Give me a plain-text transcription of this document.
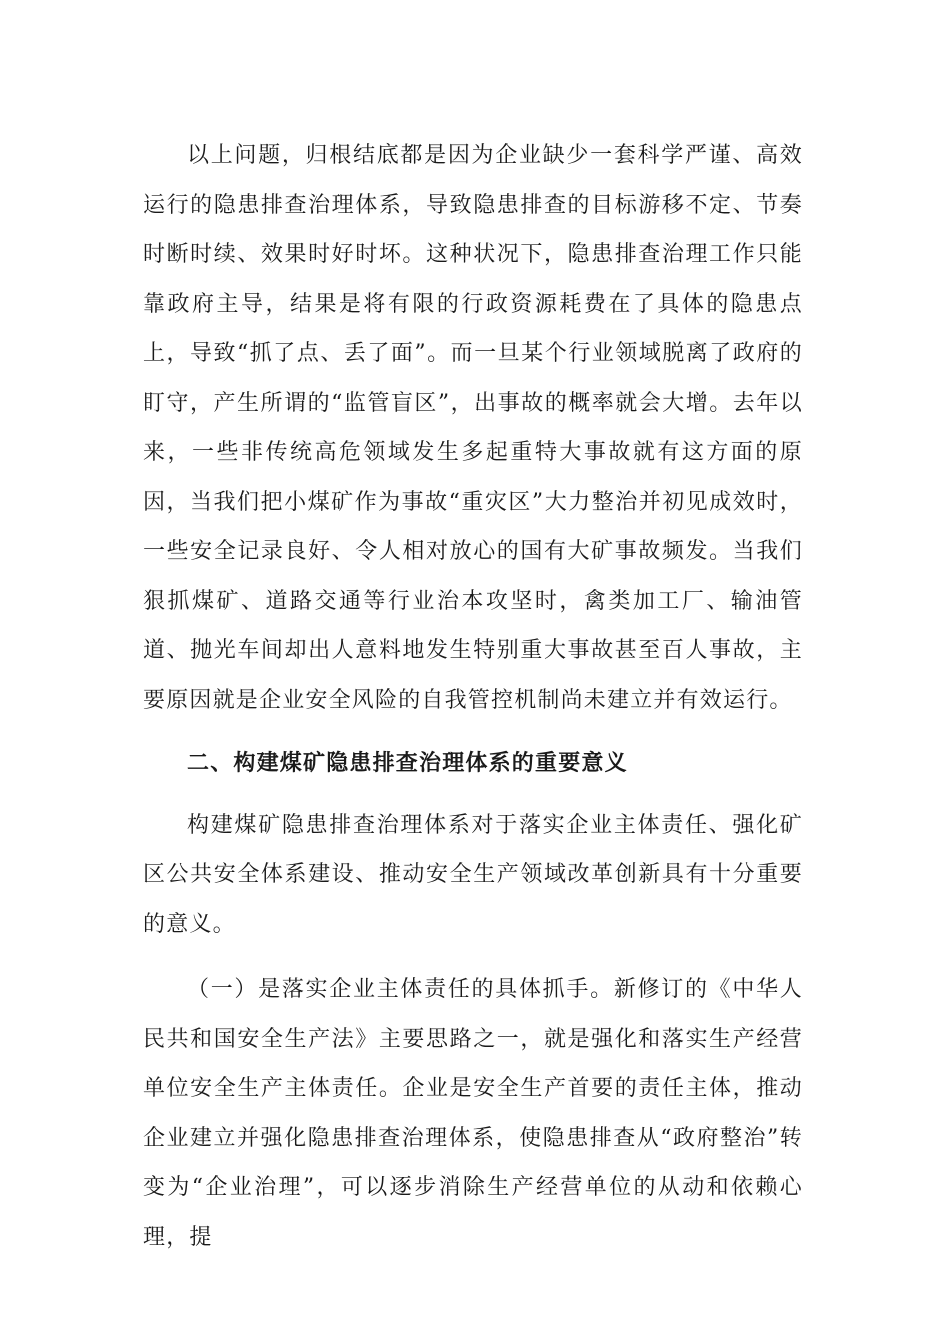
以上问题，归根结底都是因为企业缺少一套科学严谨、高效运行的隐患排查治理体系，导致隐患排查的目标游移不定、节奏时断时续、效果时好时坏。这种状况下，隐患排查治理工作只能靠政府主导，结果是将有限的行政资源耗费在了具体的隐患点上，导致“抓了点、丢了面”。而一旦某个行业领域脱离了政府的盯守，产生所谓的“监管盲区”，出事故的概率就会大增。去年以来，一些非传统高危领域发生多起重特大事故就有这方面的原因，当我们把小煤矿作为事故“重灾区”大力整治并初见成效时，一些安全记录良好、令人相对放心的国有大矿事故频发。当我们狠抓煤矿、道路交通等行业治本攻坚时，禽类加工厂、输油管道、抛光车间却出人意料地发生特别重大事故甚至百人事故，主要原因就是企业安全风险的自我管控机制尚未建立并有效运行。

二、构建煤矿隐患排查治理体系的重要意义

构建煤矿隐患排查治理体系对于落实企业主体责任、强化矿区公共安全体系建设、推动安全生产领域改革创新具有十分重要的意义。

（一）是落实企业主体责任的具体抓手。新修订的《中华人民共和国安全生产法》主要思路之一，就是强化和落实生产经营单位安全生产主体责任。企业是安全生产首要的责任主体，推动企业建立并强化隐患排查治理体系，使隐患排查从“政府整治”转变为“企业治理”，可以逐步消除生产经营单位的从动和依赖心理，提
